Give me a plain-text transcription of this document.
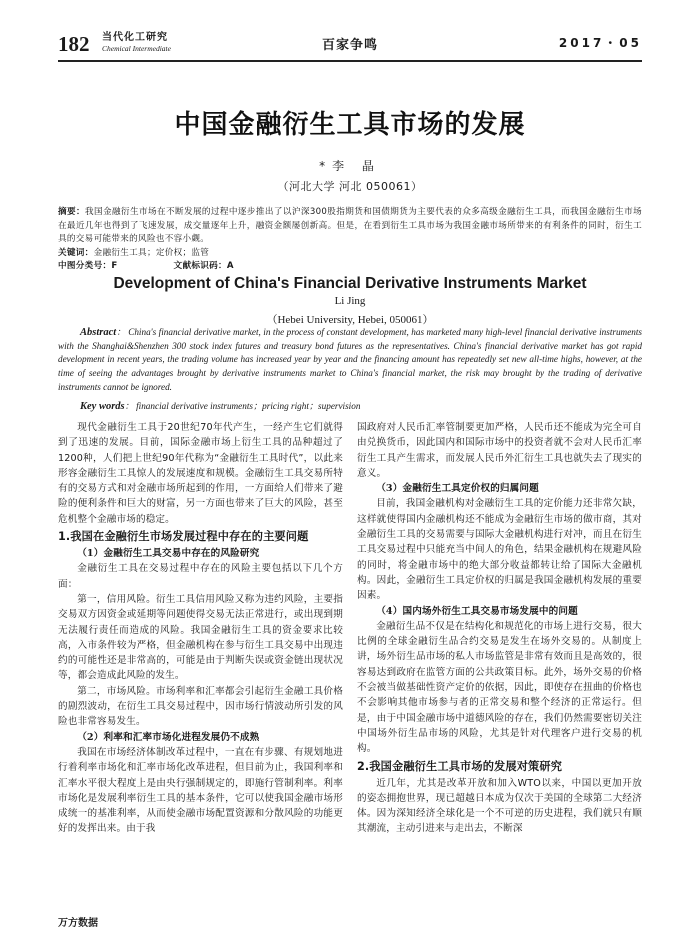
182 当代化工研究
Chemical Intermediate	百家争鸣	2017・05
中国金融衍生工具市场的发展
*李 晶
（河北大学 河北 050061）

摘要：我国金融衍生市场在不断发展的过程中逐步推出了以沪深300股指期货和国债期货为主要代表的众多高级金融衍生工具，而我国金融衍生市场在最近几年也得到了飞速发展，成交量逐年上升，融资金额屡创新高。但是，在看到衍生工具市场为我国金融市场所带来的有利条件的同时，衍生工具的交易可能带来的风险也不容小觑。

关键词：金融衍生工具；定价权；监管

中图分类号：F	文献标识码：A
Development of China's Financial Derivative Instruments Market
Li Jing
（Hebei University, Hebei, 050061）
Abstract： China's financial derivative market, in the process of constant development, has marketed many high-level financial derivative instruments with the Shanghai&Shenzhen 300 stock index futures and treasury bond futures as the representatives. China's financial derivative market has got rapid development in recent years, the trading volume has increased year by year and the financing amount has repeatedly set new all-time highs, however, at the time of seeing the advantages brought by derivative instruments market to China's financial market, the risk may brought by the trading of derivative instruments cannot be ignored.
Key words： financial derivative instruments；pricing right；supervision

现代金融衍生工具于20世纪70年代产生，一经产生它们就得到了迅速的发展。目前，国际金融市场上衍生工具的品种超过了1200种，人们把上世纪90年代称为“金融衍生工具时代”，以此来形容金融衍生工具惊人的发展速度和规模。金融衍生工具交易所特有的交易方式和对金融市场所起到的作用，一方面给人们带来了避险的便利条件和巨大的财富，另一方面也带来了巨大的风险，甚至危机整个金融市场的稳定。

1.我国在金融衍生市场发展过程中存在的主要问题
（1）金融衍生工具交易中存在的风险研究

金融衍生工具在交易过程中存在的风险主要包括以下几个方面：

第一，信用风险。衍生工具信用风险又称为违约风险，主要指交易双方因资金或延期等问题使得交易无法正常进行，或出现到期无法履行责任而造成的风险。我国金融衍生工具的资金要求比较高，入市条件较为严格，但金融机构在参与衍生工具交易中出现违约的可能性还是非常高的，可能是由于判断失误或资金链出现状况等，都会造成此风险的发生。

第二，市场风险。市场利率和汇率都会引起衍生金融工具价格的剧烈波动，在衍生工具交易过程中，因市场行情波动所引发的风险也非常容易发生。

（2）利率和汇率市场化进程发展仍不成熟

我国在市场经济体制改革过程中，一直在有步骤、有规划地进行着利率市场化和汇率市场化改革进程，但目前为止，我国利率和汇率水平很大程度上是由央行强制规定的，即施行管制利率。利率市场化是发展利率衍生工具的基本条件，它可以使我国金融市场形成统一的基准利率，从而使金融市场配置资源和分散风险的功能更好的发挥出来。由于我

国政府对人民币汇率管制要更加严格，人民币还不能成为完全可自由兑换货币，因此国内和国际市场中的投资者就不会对人民币汇率衍生工具产生需求，而发展人民币外汇衍生工具也就失去了现实的意义。

（3）金融衍生工具定价权的归属问题

目前，我国金融机构对金融衍生工具的定价能力还非常欠缺，这样就使得国内金融机构还不能成为金融衍生市场的做市商，其对金融衍生工具的交易需要与国际大金融机构进行对冲，而且在衍生工具交易过程中只能充当中间人的角色，结果金融机构在规避风险的同时，将金融市场中的绝大部分收益都转让给了国际大金融机构。因此，金融衍生工具定价权的归属是我国金融机构发展的重要因素。

（4）国内场外衍生工具交易市场发展中的问题

金融衍生品不仅是在结构化和规范化的市场上进行交易，很大比例的全球金融衍生品合约交易是发生在场外交易的。从制度上讲，场外衍生品市场的私人市场监管是非常有效而且是高效的，很容易达到政府在监管方面的公共政策目标。此外，场外交易的价格不会被当做基础性资产定价的依据，因此，即使存在扭曲的价格也不会影响其他市场参与者的正常交易和整个经济的正常运行。但是，由于中国金融市场中道德风险的存在，我们仍然需要密切关注中国场外衍生品市场的风险，尤其是针对代理客户进行交易的机构。

2.我国金融衍生工具市场的发展对策研究

近几年，尤其是改革开放和加入WTO以来，中国以更加开放的姿态拥抱世界，现已超越日本成为仅次于美国的全球第二大经济体。因为深知经济全球化是一个不可逆的历史进程，我们就只有顺其潮流，主动引进来与走出去，不断深

万方数据
